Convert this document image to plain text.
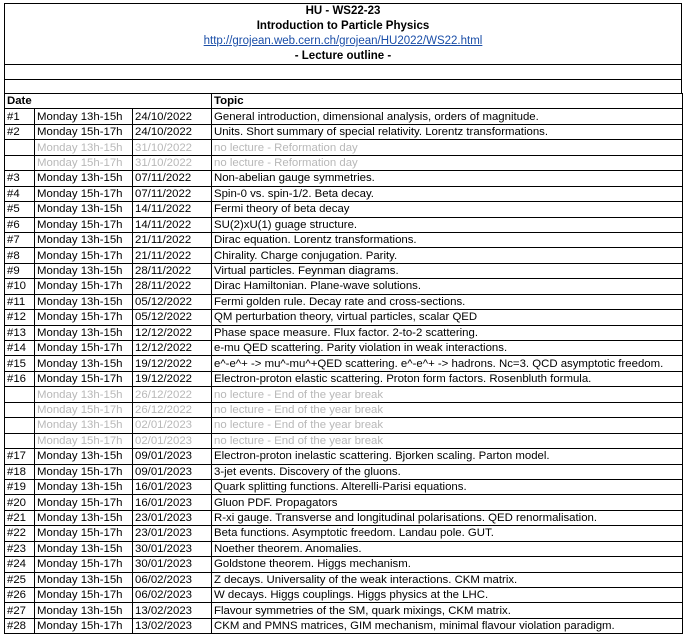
HU - WS22-23
Introduction to Particle Physics
http://grojean.web.cern.ch/grojean/HU2022/WS22.html
- Lecture outline -
Date			Topic
#1	Monday 13h-15h	24/10/2022	General introduction, dimensional analysis, orders of magnitude.
#2	Monday 15h-17h	24/10/2022	Units. Short summary of special relativity. Lorentz transformations.
	Monday 13h-15h	31/10/2022	no lecture - Reformation day
	Monday 15h-17h	31/10/2022	no lecture - Reformation day
#3	Monday 13h-15h	07/11/2022	Non-abelian gauge symmetries.
#4	Monday 15h-17h	07/11/2022	Spin-0 vs. spin-1/2. Beta decay.
#5	Monday 13h-15h	14/11/2022	Fermi theory of beta decay
#6	Monday 15h-17h	14/11/2022	SU(2)xU(1) guage structure.
#7	Monday 13h-15h	21/11/2022	Dirac equation. Lorentz transformations.
#8	Monday 15h-17h	21/11/2022	Chirality. Charge conjugation. Parity.
#9	Monday 13h-15h	28/11/2022	Virtual particles. Feynman diagrams.
#10	Monday 15h-17h	28/11/2022	Dirac Hamiltonian. Plane-wave solutions.
#11	Monday 13h-15h	05/12/2022	Fermi golden rule. Decay rate and cross-sections.
#12	Monday 15h-17h	05/12/2022	QM perturbation theory, virtual particles, scalar QED
#13	Monday 13h-15h	12/12/2022	Phase space measure. Flux factor. 2-to-2 scattering.
#14	Monday 15h-17h	12/12/2022	e-mu QED scattering. Parity violation in weak interactions.
#15	Monday 13h-15h	19/12/2022	e^-e^+ -> mu^-mu^+QED scattering. e^-e^+ -> hadrons. Nc=3. QCD asymptotic freedom.
#16	Monday 15h-17h	19/12/2022	Electron-proton elastic scattering. Proton form factors. Rosenbluth formula.
	Monday 13h-15h	26/12/2022	no lecture - End of the year break
	Monday 15h-17h	26/12/2022	no lecture - End of the year break
	Monday 13h-15h	02/01/2023	no lecture - End of the year break
	Monday 15h-17h	02/01/2023	no lecture - End of the year break
#17	Monday 13h-15h	09/01/2023	Electron-proton inelastic scattering. Bjorken scaling. Parton model.
#18	Monday 15h-17h	09/01/2023	3-jet events. Discovery of the gluons.
#19	Monday 13h-15h	16/01/2023	Quark splitting functions. Alterelli-Parisi equations.
#20	Monday 15h-17h	16/01/2023	Gluon PDF. Propagators
#21	Monday 13h-15h	23/01/2023	R-xi gauge. Transverse and longitudinal polarisations. QED renormalisation.
#22	Monday 15h-17h	23/01/2023	Beta functions. Asymptotic freedom. Landau pole. GUT.
#23	Monday 13h-15h	30/01/2023	Noether theorem. Anomalies.
#24	Monday 15h-17h	30/01/2023	Goldstone theorem. Higgs mechanism.
#25	Monday 13h-15h	06/02/2023	Z decays. Universality of the weak interactions. CKM matrix.
#26	Monday 15h-17h	06/02/2023	W decays. Higgs couplings. Higgs physics at the LHC.
#27	Monday 13h-15h	13/02/2023	Flavour symmetries of the SM, quark mixings, CKM matrix.
#28	Monday 15h-17h	13/02/2023	CKM and PMNS matrices, GIM mechanism, minimal flavour violation paradigm.
